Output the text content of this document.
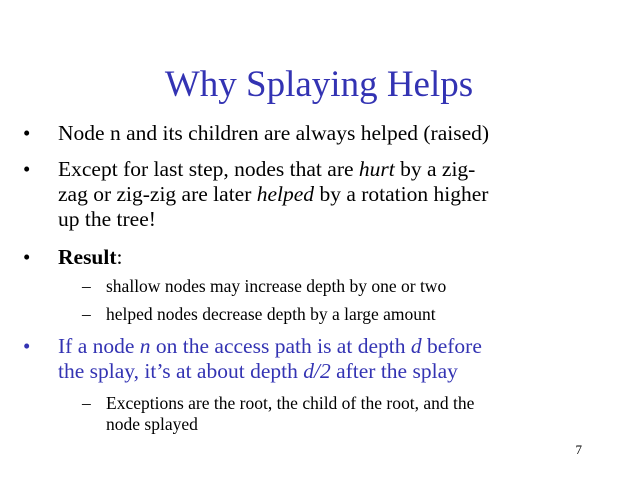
Why Splaying Helps
• Node n and its children are always helped (raised)
• Except for last step, nodes that are hurt by a zig-
zag or zig-zig are later helped by a rotation higher
up the tree!
• Result:
– shallow nodes may increase depth by one or two
– helped nodes decrease depth by a large amount
• If a node n on the access path is at depth d before
the splay, it’s at about depth d/2 after the splay
– Exceptions are the root, the child of the root, and the
node splayed
7
